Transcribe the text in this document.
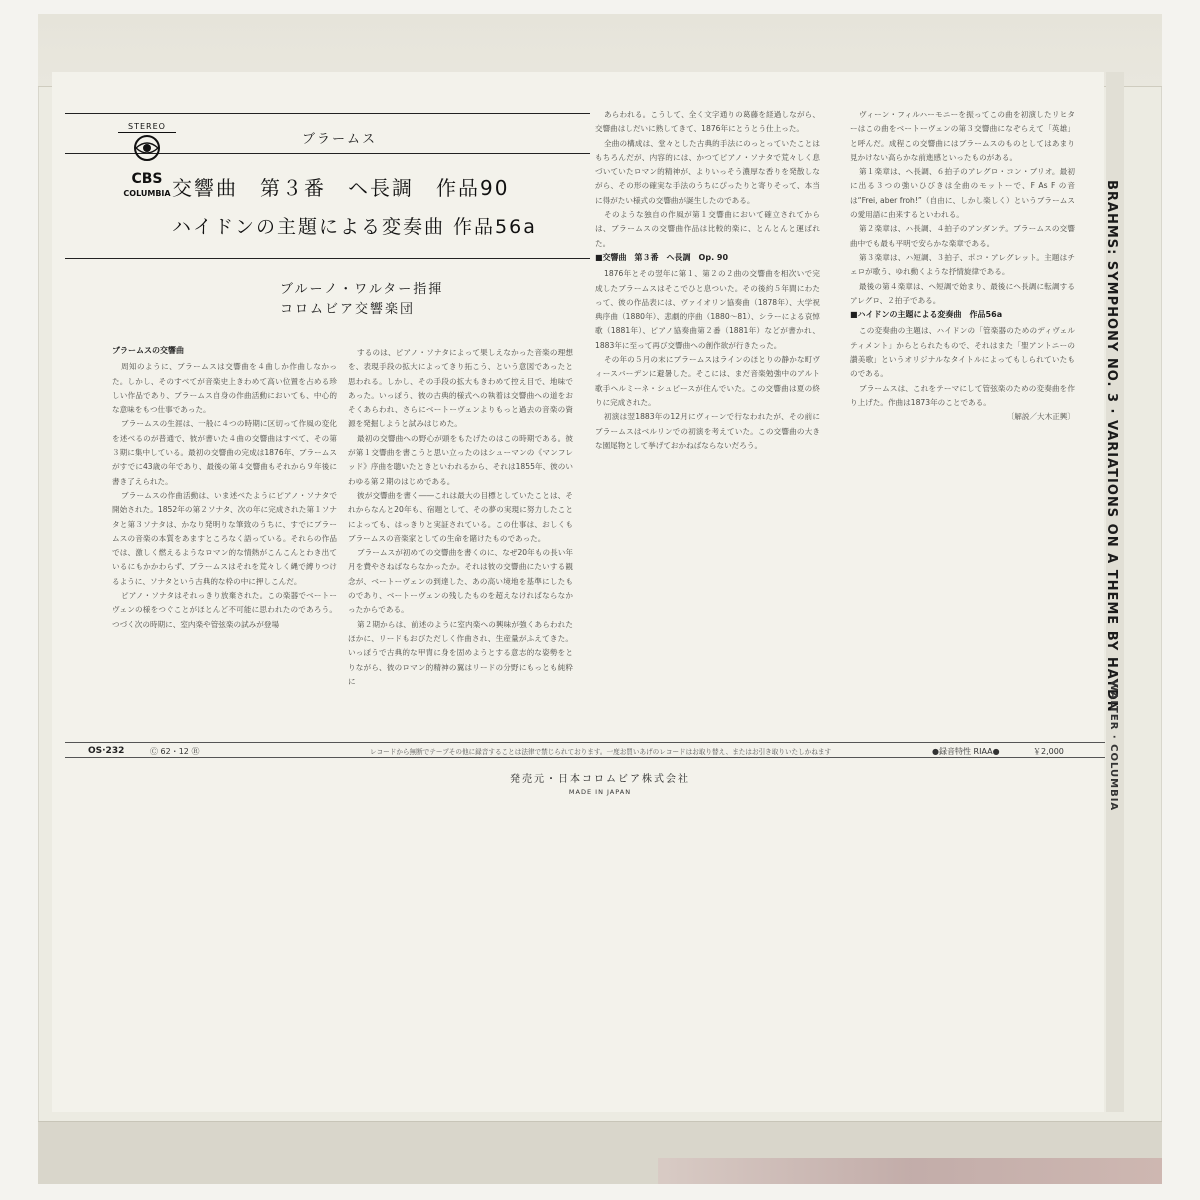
STEREO
CBS
COLUMBIA
ブラームス
交響曲　第３番　ヘ長調　作品90
ハイドンの主題による変奏曲 作品56a
ブルーノ・ワルター指揮
コロムビア交響楽団

ブラームスの交響曲

周知のように、ブラームスは交響曲を４曲しか作曲しなかった。しかし、そのすべてが音楽史上きわめて高い位置を占める珍しい作品であり、ブラームス自身の作曲活動においても、中心的な意味をもつ仕事であった。

ブラームスの生涯は、一般に４つの時期に区切って作風の変化を述べるのが普通で、彼が書いた４曲の交響曲はすべて、その第３期に集中している。最初の交響曲の完成は1876年、ブラームスがすでに43歳の年であり、最後の第４交響曲もそれから９年後に書き了えられた。

ブラームスの作曲活動は、いま述べたようにピアノ・ソナタで開始された。1852年の第２ソナタ、次の年に完成された第１ソナタと第３ソナタは、かなり発明りな筆致のうちに、すでにブラームスの音楽の本質をあますところなく語っている。それらの作品では、激しく燃えるようなロマン的な情熱がこんこんとわき出ているにもかかわらず、ブラームスはそれを荒々しく縄で縛りつけるように、ソナタという古典的な枠の中に押しこんだ。

ピアノ・ソナタはそれっきり放棄された。この楽器でベートーヴェンの様をつぐことがほとんど不可能に思われたのであろう。つづく次の時期に、室内楽や管弦楽の試みが登場

するのは、ピアノ・ソナタによって果しえなかった音楽の理想を、表現手段の拡大によってきり拓こう、という意図であったと思われる。しかし、その手段の拡大もきわめて控え目で、地味であった。いっぽう、彼の古典的様式への執着は交響曲への道をおそくあらわれ、さらにベートーヴェンよりもっと過去の音楽の資源を発掘しようと試みはじめた。

最初の交響曲への野心が頭をもたげたのはこの時期である。彼が第１交響曲を書こうと思い立ったのはシューマンの《マンフレッド》序曲を聴いたときといわれるから、それは1855年、彼のいわゆる第２期のはじめである。

彼が交響曲を書く――これは最大の目標としていたことは、それからなんと20年も、宿題として、その夢の実現に努力したことによっても、はっきりと実証されている。この仕事は、おしくもブラームスの音楽家としての生命を賭けたものであった。

ブラームスが初めての交響曲を書くのに、なぜ20年もの長い年月を費やさねばならなかったか。それは彼の交響曲にたいする観念が、ベートーヴェンの到達した、あの高い境地を基準にしたものであり、ベートーヴェンの残したものを超えなければならなかったからである。

第２期からは、前述のように室内楽への興味が強くあらわれたほかに、リードもおびただしく作曲され、生産量がふえてきた。いっぽうで古典的な甲冑に身を固めようとする意志的な姿勢をとりながら、彼のロマン的精神の翼はリードの分野にもっとも純粋に

あらわれる。こうして、全く文字通りの葛藤を経過しながら、交響曲はしだいに熟してきて、1876年にとうとう仕上った。

全曲の構成は、堂々とした古典的手法にのっとっていたことはもちろんだが、内容的には、かつてピアノ・ソナタで荒々しく息づいていたロマン的精神が、よりいっそう濃厚な香りを発散しながら、その形の確実な手法のうちにぴったりと寄りそって、本当に得がたい様式の交響曲が誕生したのである。

そのような独自の作風が第１交響曲において確立されてからは、ブラームスの交響曲作品は比較的楽に、とんとんと運ばれた。

■交響曲　第３番　ヘ長調　Op. 90

1876年とその翌年に第１、第２の２曲の交響曲を相次いで完成したブラームスはそこでひと息ついた。その後約５年間にわたって、彼の作品表には、ヴァイオリン協奏曲（1878年）、大学祝典序曲（1880年）、悲劇的序曲（1880〜81）、シラーによる哀悼歌（1881年）、ピアノ協奏曲第２番（1881年）などが書かれ、1883年に至って再び交響曲への創作欲が行きたった。

その年の５月の末にブラームスはラインのほとりの静かな町ヴィースバーデンに避暑した。そこには、まだ音楽勉強中のアルト歌手ヘルミーネ・シュピースが住んでいた。この交響曲は夏の終りに完成された。

初演は翌1883年の12月にヴィーンで行なわれたが、その前にブラームスはベルリンでの初演を考えていた。この交響曲の大きな園尾物として挙げておかねばならないだろう。

ヴィーン・フィルハーモニーを振ってこの曲を初演したリヒターはこの曲をベートーヴェンの第３交響曲になぞらえて「英雄」と呼んだ。成程この交響曲にはブラームスのものとしてはあまり見かけない高らかな前進感といったものがある。

第１楽章は、へ長調、６拍子のアレグロ・コン・ブリオ。最初に出る３つの強いひびきは全曲のモットーで、F As F の音は“Frei, aber froh!”（自由に、しかし楽しく）というブラームスの愛用語に由来するといわれる。

第２楽章は、ハ長調、４拍子のアンダンテ。ブラームスの交響曲中でも最も平明で安らかな楽章である。

第３楽章は、ハ短調、３拍子、ポコ・アレグレット。主題はチェロが歌う、ゆれ動くような抒情旋律である。

最後の第４楽章は、ヘ短調で始まり、最後にヘ長調に転調するアレグロ、２拍子である。

■ハイドンの主題による変奏曲　作品56a

この変奏曲の主題は、ハイドンの「管楽器のためのディヴェルティメント」からとられたもので、それはまた「聖アントニーの讃美歌」というオリジナルなタイトルによってもしられていたものである。

ブラームスは、これをテーマにして管弦楽のための変奏曲を作り上げた。作曲は1873年のことである。

〔解説／大木正興〕

OS·232	Ⓒ 62・12 Ⓡ	レコードから無断でテープその他に録音することは法律で禁じられております。一度お買いあげのレコードはお取り替え、またはお引き取りいたしかねます	●録音特性 RIAA●	￥2,000
発売元・日本コロムビア株式会社
MADE IN JAPAN
BRAHMS: SYMPHONY NO. 3 · VARIATIONS ON A THEME BY HAYDN
WALTER · COLUMBIA
